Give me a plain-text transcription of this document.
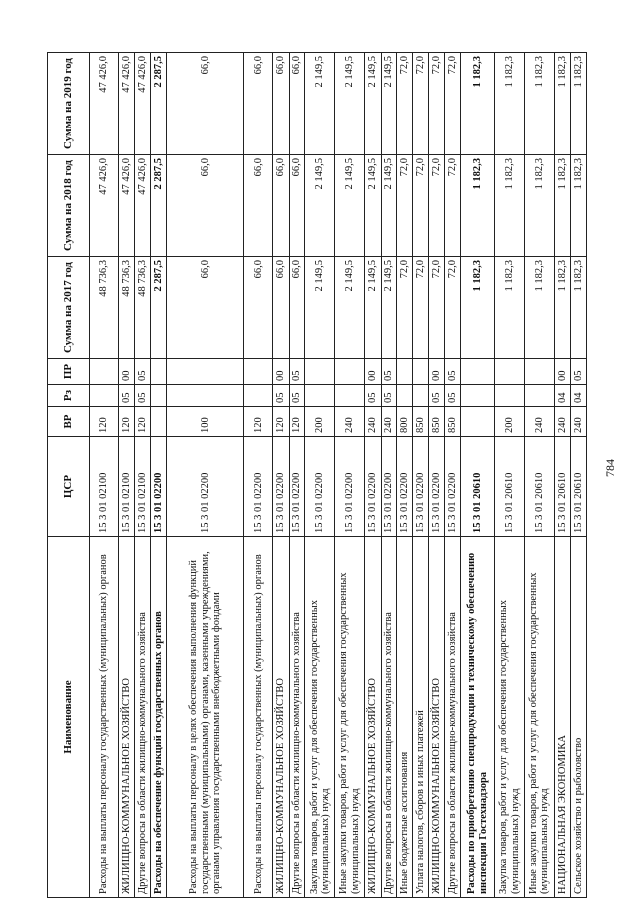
Наименование	ЦСР	ВР	Рз	ПР	Сумма на 2017 год	Сумма на 2018 год	Сумма на 2019 год
Расходы на выплаты персоналу государственных (муниципальных) органов	15 3 01 02100	120			48 736,3	47 426,0	47 426,0
ЖИЛИЩНО-КОММУНАЛЬНОЕ ХОЗЯЙСТВО	15 3 01 02100	120	05	00	48 736,3	47 426,0	47 426,0
Другие вопросы в области жилищно-коммунального хозяйства	15 3 01 02100	120	05	05	48 736,3	47 426,0	47 426,0
Расходы на обеспечение функций государственных органов	15 3 01 02200				2 287,5	2 287,5	2 287,5
Расходы на выплаты персоналу в целях обеспечения выполнения функций государственными (муниципальными) органами, казенными учреждениями, органами управления государственными внебюджетными фондами	15 3 01 02200	100			66,0	66,0	66,0
Расходы на выплаты персоналу государственных (муниципальных) органов	15 3 01 02200	120			66,0	66,0	66,0
ЖИЛИЩНО-КОММУНАЛЬНОЕ ХОЗЯЙСТВО	15 3 01 02200	120	05	00	66,0	66,0	66,0
Другие вопросы в области жилищно-коммунального хозяйства	15 3 01 02200	120	05	05	66,0	66,0	66,0
Закупка товаров, работ и услуг для обеспечения государственных (муниципальных) нужд	15 3 01 02200	200			2 149,5	2 149,5	2 149,5
Иные закупки товаров, работ и услуг для обеспечения государственных (муниципальных) нужд	15 3 01 02200	240			2 149,5	2 149,5	2 149,5
ЖИЛИЩНО-КОММУНАЛЬНОЕ ХОЗЯЙСТВО	15 3 01 02200	240	05	00	2 149,5	2 149,5	2 149,5
Другие вопросы в области жилищно-коммунального хозяйства	15 3 01 02200	240	05	05	2 149,5	2 149,5	2 149,5
Иные бюджетные ассигнования	15 3 01 02200	800			72,0	72,0	72,0
Уплата налогов, сборов и иных платежей	15 3 01 02200	850			72,0	72,0	72,0
ЖИЛИЩНО-КОММУНАЛЬНОЕ ХОЗЯЙСТВО	15 3 01 02200	850	05	00	72,0	72,0	72,0
Другие вопросы в области жилищно-коммунального хозяйства	15 3 01 02200	850	05	05	72,0	72,0	72,0
Расходы по приобретению спецпродукции и техническому обеспечению инспекции Гостехнадзора	15 3 01 20610				1 182,3	1 182,3	1 182,3
Закупка товаров, работ и услуг для обеспечения государственных (муниципальных) нужд	15 3 01 20610	200			1 182,3	1 182,3	1 182,3
Иные закупки товаров, работ и услуг для обеспечения государственных (муниципальных) нужд	15 3 01 20610	240			1 182,3	1 182,3	1 182,3
НАЦИОНАЛЬНАЯ ЭКОНОМИКА	15 3 01 20610	240	04	00	1 182,3	1 182,3	1 182,3
Сельское хозяйство и рыболовство	15 3 01 20610	240	04	05	1 182,3	1 182,3	1 182,3
784
